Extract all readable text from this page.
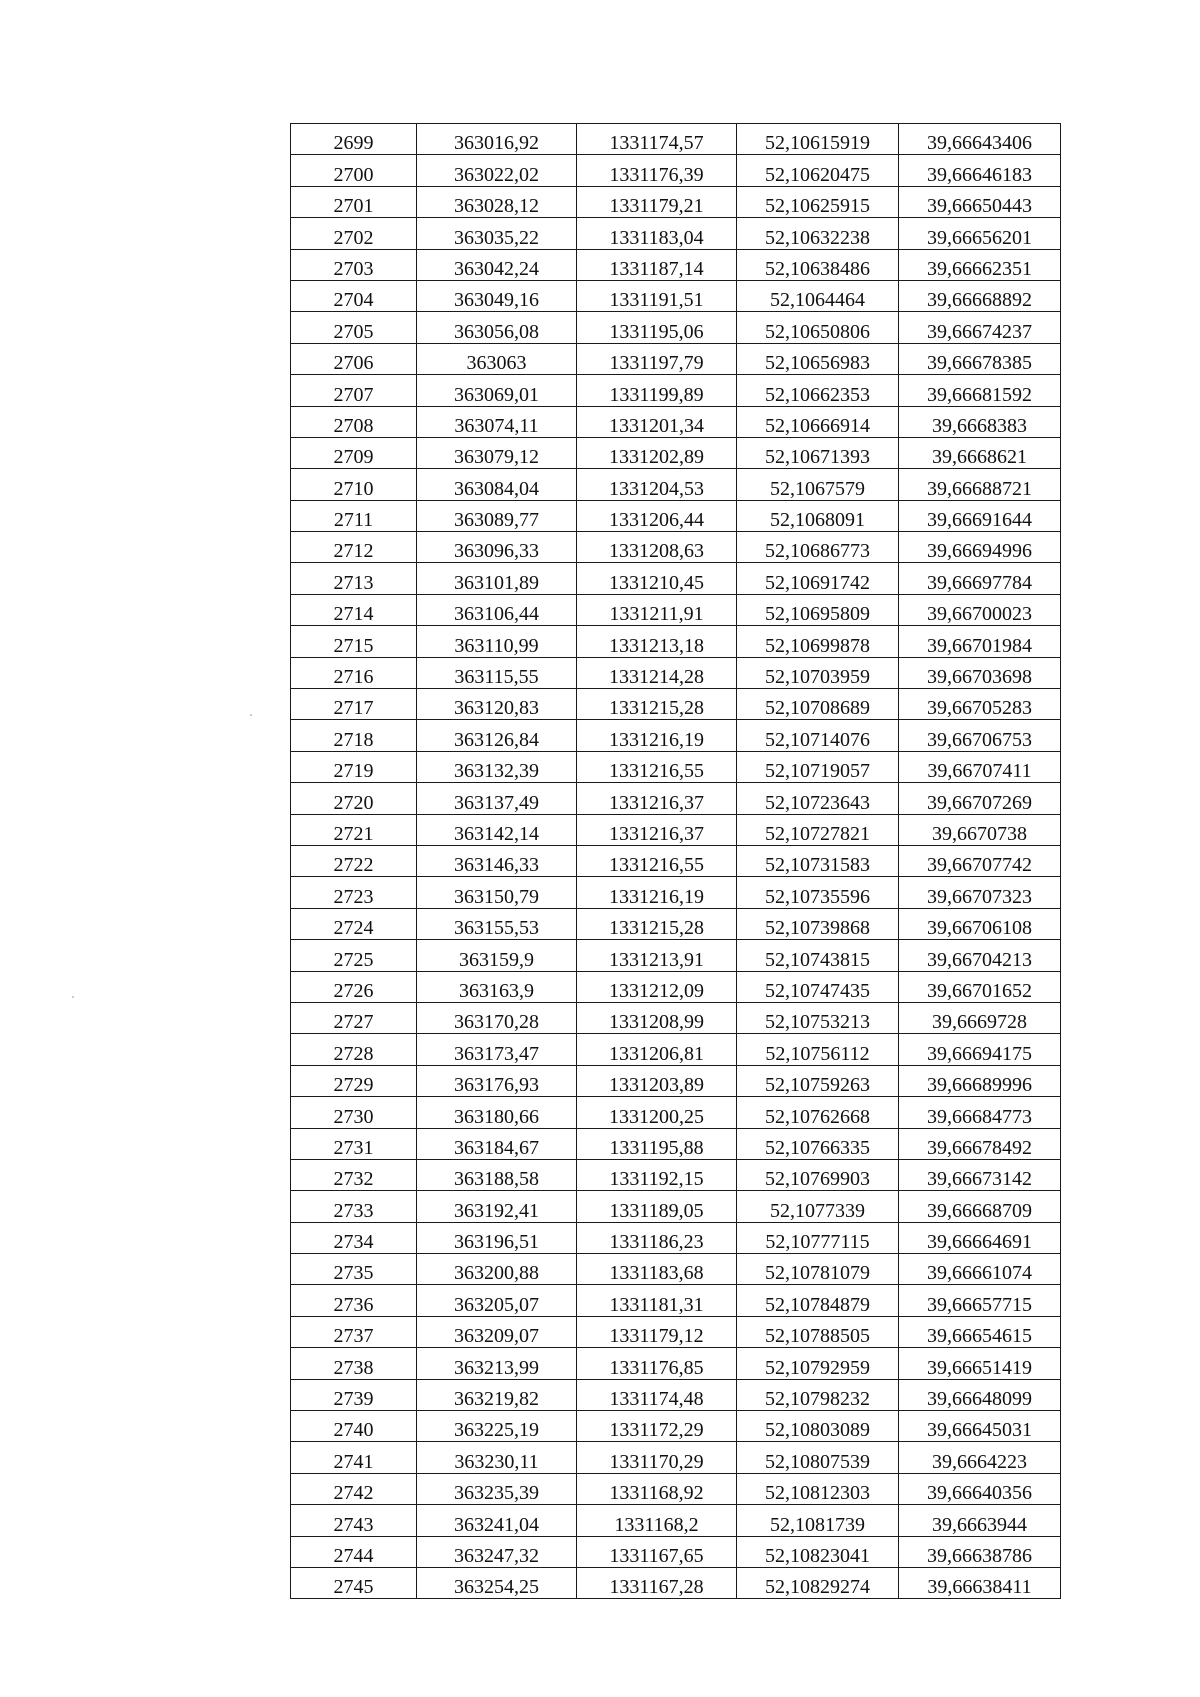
2699	363016,92	1331174,57	52,10615919	39,66643406
2700	363022,02	1331176,39	52,10620475	39,66646183
2701	363028,12	1331179,21	52,10625915	39,66650443
2702	363035,22	1331183,04	52,10632238	39,66656201
2703	363042,24	1331187,14	52,10638486	39,66662351
2704	363049,16	1331191,51	52,1064464	39,66668892
2705	363056,08	1331195,06	52,10650806	39,66674237
2706	363063	1331197,79	52,10656983	39,66678385
2707	363069,01	1331199,89	52,10662353	39,66681592
2708	363074,11	1331201,34	52,10666914	39,6668383
2709	363079,12	1331202,89	52,10671393	39,6668621
2710	363084,04	1331204,53	52,1067579	39,66688721
2711	363089,77	1331206,44	52,1068091	39,66691644
2712	363096,33	1331208,63	52,10686773	39,66694996
2713	363101,89	1331210,45	52,10691742	39,66697784
2714	363106,44	1331211,91	52,10695809	39,66700023
2715	363110,99	1331213,18	52,10699878	39,66701984
2716	363115,55	1331214,28	52,10703959	39,66703698
2717	363120,83	1331215,28	52,10708689	39,66705283
2718	363126,84	1331216,19	52,10714076	39,66706753
2719	363132,39	1331216,55	52,10719057	39,66707411
2720	363137,49	1331216,37	52,10723643	39,66707269
2721	363142,14	1331216,37	52,10727821	39,6670738
2722	363146,33	1331216,55	52,10731583	39,66707742
2723	363150,79	1331216,19	52,10735596	39,66707323
2724	363155,53	1331215,28	52,10739868	39,66706108
2725	363159,9	1331213,91	52,10743815	39,66704213
2726	363163,9	1331212,09	52,10747435	39,66701652
2727	363170,28	1331208,99	52,10753213	39,6669728
2728	363173,47	1331206,81	52,10756112	39,66694175
2729	363176,93	1331203,89	52,10759263	39,66689996
2730	363180,66	1331200,25	52,10762668	39,66684773
2731	363184,67	1331195,88	52,10766335	39,66678492
2732	363188,58	1331192,15	52,10769903	39,66673142
2733	363192,41	1331189,05	52,1077339	39,66668709
2734	363196,51	1331186,23	52,10777115	39,66664691
2735	363200,88	1331183,68	52,10781079	39,66661074
2736	363205,07	1331181,31	52,10784879	39,66657715
2737	363209,07	1331179,12	52,10788505	39,66654615
2738	363213,99	1331176,85	52,10792959	39,66651419
2739	363219,82	1331174,48	52,10798232	39,66648099
2740	363225,19	1331172,29	52,10803089	39,66645031
2741	363230,11	1331170,29	52,10807539	39,6664223
2742	363235,39	1331168,92	52,10812303	39,66640356
2743	363241,04	1331168,2	52,1081739	39,6663944
2744	363247,32	1331167,65	52,10823041	39,66638786
2745	363254,25	1331167,28	52,10829274	39,66638411
